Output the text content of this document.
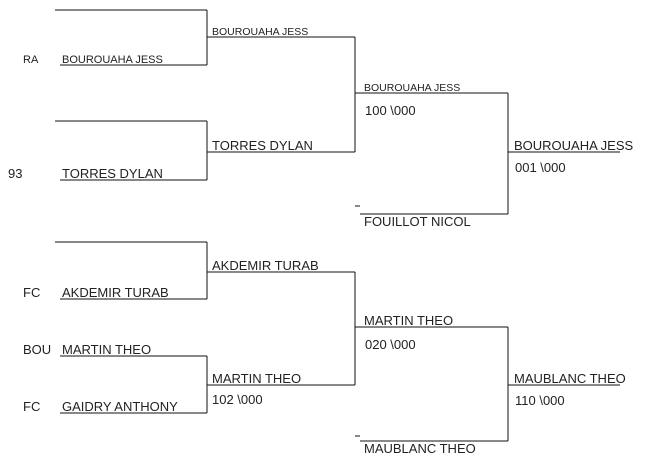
RA BOUROUAHA JESS
93	TORRES DYLAN
FC AKDEMIR TURAB
BOU MARTIN THEO
FC GAIDRY ANTHONY
BOUROUAHA JESS
TORRES DYLAN
AKDEMIR TURAB
MARTIN THEO
102 \000
BOUROUAHA JESS
100 \000
FOUILLOT NICOL
MARTIN THEO
020 \000
MAUBLANC THEO
BOUROUAHA JESS
001 \000
MAUBLANC THEO
110 \000
